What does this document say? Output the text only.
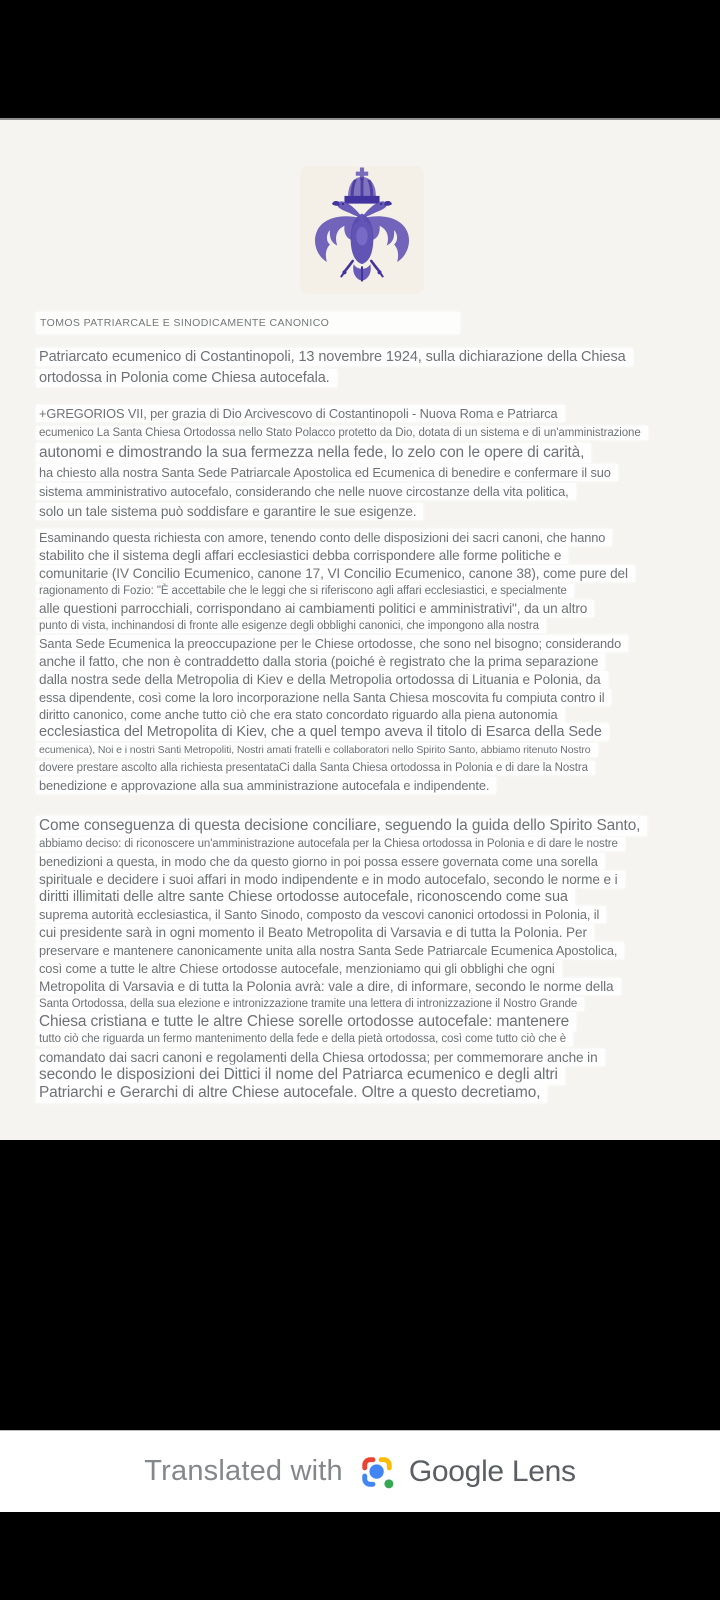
TOMOS PATRIARCALE E SINODICAMENTE CANONICO
Patriarcato ecumenico di Costantinopoli, 13 novembre 1924, sulla dichiarazione della Chiesa
ortodossa in Polonia come Chiesa autocefala.
+GREGORIOS VII, per grazia di Dio Arcivescovo di Costantinopoli - Nuova Roma e Patriarca
ecumenico La Santa Chiesa Ortodossa nello Stato Polacco protetto da Dio, dotata di un sistema e di un'amministrazione
autonomi e dimostrando la sua fermezza nella fede, lo zelo con le opere di carità,
ha chiesto alla nostra Santa Sede Patriarcale Apostolica ed Ecumenica di benedire e confermare il suo
sistema amministrativo autocefalo, considerando che nelle nuove circostanze della vita politica,
solo un tale sistema può soddisfare e garantire le sue esigenze.
Esaminando questa richiesta con amore, tenendo conto delle disposizioni dei sacri canoni, che hanno
stabilito che il sistema degli affari ecclesiastici debba corrispondere alle forme politiche e
comunitarie (IV Concilio Ecumenico, canone 17, VI Concilio Ecumenico, canone 38), come pure del
ragionamento di Fozio: "È accettabile che le leggi che si riferiscono agli affari ecclesiastici, e specialmente
alle questioni parrocchiali, corrispondano ai cambiamenti politici e amministrativi", da un altro
punto di vista, inchinandosi di fronte alle esigenze degli obblighi canonici, che impongono alla nostra
Santa Sede Ecumenica la preoccupazione per le Chiese ortodosse, che sono nel bisogno; considerando
anche il fatto, che non è contraddetto dalla storia (poiché è registrato che la prima separazione
dalla nostra sede della Metropolia di Kiev e della Metropolia ortodossa di Lituania e Polonia, da
essa dipendente, così come la loro incorporazione nella Santa Chiesa moscovita fu compiuta contro il
diritto canonico, come anche tutto ciò che era stato concordato riguardo alla piena autonomia
ecclesiastica del Metropolita di Kiev, che a quel tempo aveva il titolo di Esarca della Sede
ecumenica), Noi e i nostri Santi Metropoliti, Nostri amati fratelli e collaboratori nello Spirito Santo, abbiamo ritenuto Nostro
dovere prestare ascolto alla richiesta presentataCi dalla Santa Chiesa ortodossa in Polonia e di dare la Nostra
benedizione e approvazione alla sua amministrazione autocefala e indipendente.
Come conseguenza di questa decisione conciliare, seguendo la guida dello Spirito Santo,
abbiamo deciso: di riconoscere un'amministrazione autocefala per la Chiesa ortodossa in Polonia e di dare le nostre
benedizioni a questa, in modo che da questo giorno in poi possa essere governata come una sorella
spirituale e decidere i suoi affari in modo indipendente e in modo autocefalo, secondo le norme e i
diritti illimitati delle altre sante Chiese ortodosse autocefale, riconoscendo come sua
suprema autorità ecclesiastica, il Santo Sinodo, composto da vescovi canonici ortodossi in Polonia, il
cui presidente sarà in ogni momento il Beato Metropolita di Varsavia e di tutta la Polonia. Per
preservare e mantenere canonicamente unita alla nostra Santa Sede Patriarcale Ecumenica Apostolica,
così come a tutte le altre Chiese ortodosse autocefale, menzioniamo qui gli obblighi che ogni
Metropolita di Varsavia e di tutta la Polonia avrà: vale a dire, di informare, secondo le norme della
Santa Ortodossa, della sua elezione e intronizzazione tramite una lettera di intronizzazione il Nostro Grande
Chiesa cristiana e tutte le altre Chiese sorelle ortodosse autocefale: mantenere
tutto ciò che riguarda un fermo mantenimento della fede e della pietà ortodossa, così come tutto ciò che è
comandato dai sacri canoni e regolamenti della Chiesa ortodossa; per commemorare anche in
secondo le disposizioni dei Dittici il nome del Patriarca ecumenico e degli altri
Patriarchi e Gerarchi di altre Chiese autocefale. Oltre a questo decretiamo,
Translated with Google Lens
